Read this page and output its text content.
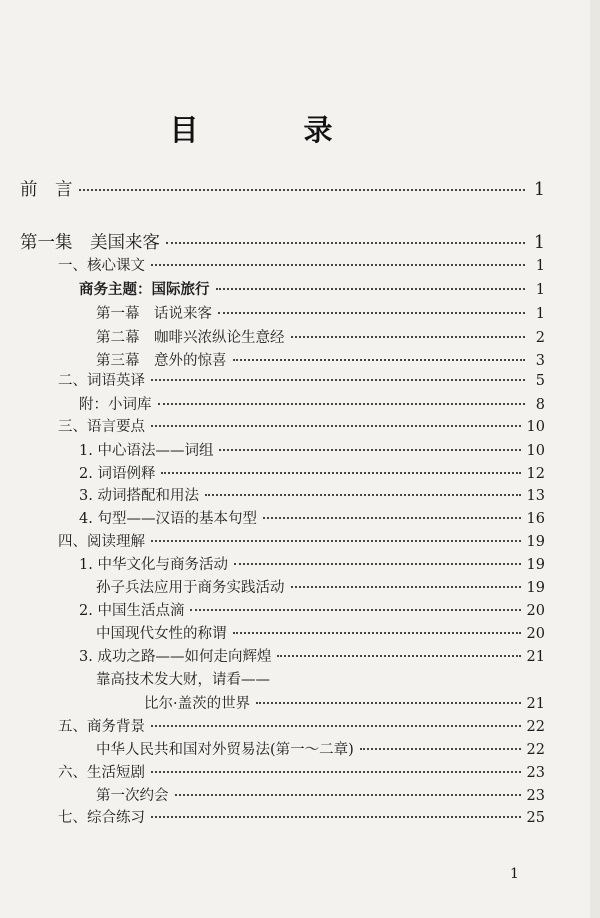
目　录
前　言	1
第一集　美国来客	1
一、核心课文	1
商务主题：国际旅行	1
第一幕　话说来客	1
第二幕　咖啡兴浓纵论生意经	2
第三幕　意外的惊喜	3
二、词语英译	5
附：小词库	8
三、语言要点	10
1. 中心语法——词组	10
2. 词语例释	12
3. 动词搭配和用法	13
4. 句型——汉语的基本句型	16
四、阅读理解	19
1. 中华文化与商务活动	19
孙子兵法应用于商务实践活动	19
2. 中国生活点滴	20
中国现代女性的称谓	20
3. 成功之路——如何走向辉煌	21
靠高技术发大财，请看——
比尔·盖茨的世界	21
五、商务背景	22
中华人民共和国对外贸易法(第一～二章)	22
六、生活短剧	23
第一次约会	23
七、综合练习	25
1
